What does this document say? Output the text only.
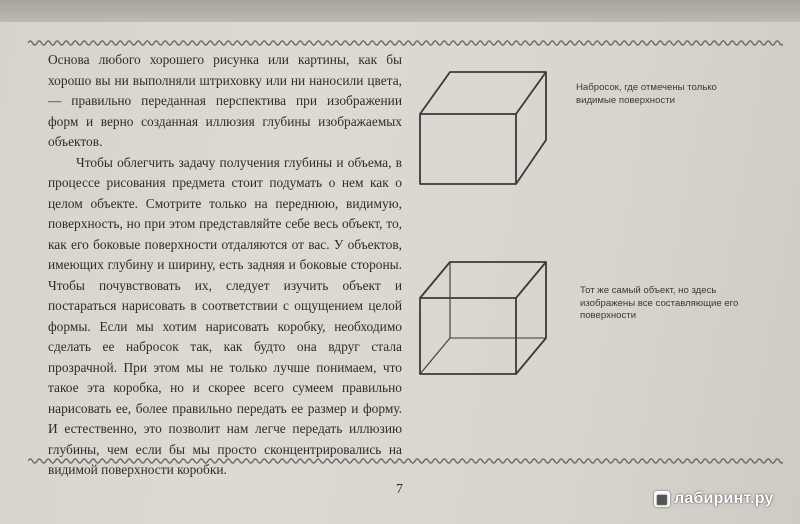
Основа любого хорошего рисунка или картины, как бы хорошо вы ни выполняли штриховку или ни наносили цвета, — правильно переданная перспектива при изображении форм и верно созданная иллюзия глубины изображаемых объектов.

Чтобы облегчить задачу получения глубины и объема, в процессе рисования предмета стоит подумать о нем как о целом объекте. Смотрите только на переднюю, видимую, поверхность, но при этом представляйте себе весь объект, то, как его боковые поверхности отдаляются от вас. У объектов, имеющих глубину и ширину, есть задняя и боковые стороны. Чтобы почувствовать их, следует изучить объект и постараться нарисовать в соответствии с ощущением целой формы. Если мы хотим нарисовать коробку, необходимо сделать ее набросок так, как будто она вдруг стала прозрачной. При этом мы не только лучше понимаем, что такое эта коробка, но и скорее всего сумеем правильно нарисовать ее, более правильно передать ее размер и форму. И естественно, это позволит нам легче передать иллюзию глубины, чем если бы мы просто сконцентрировались на видимой поверхности коробки.

Набросок, где отмечены только видимые поверхности
Тот же самый объект, но здесь изображены все составляющие его поверхности
7
▦ лабиринт.ру
